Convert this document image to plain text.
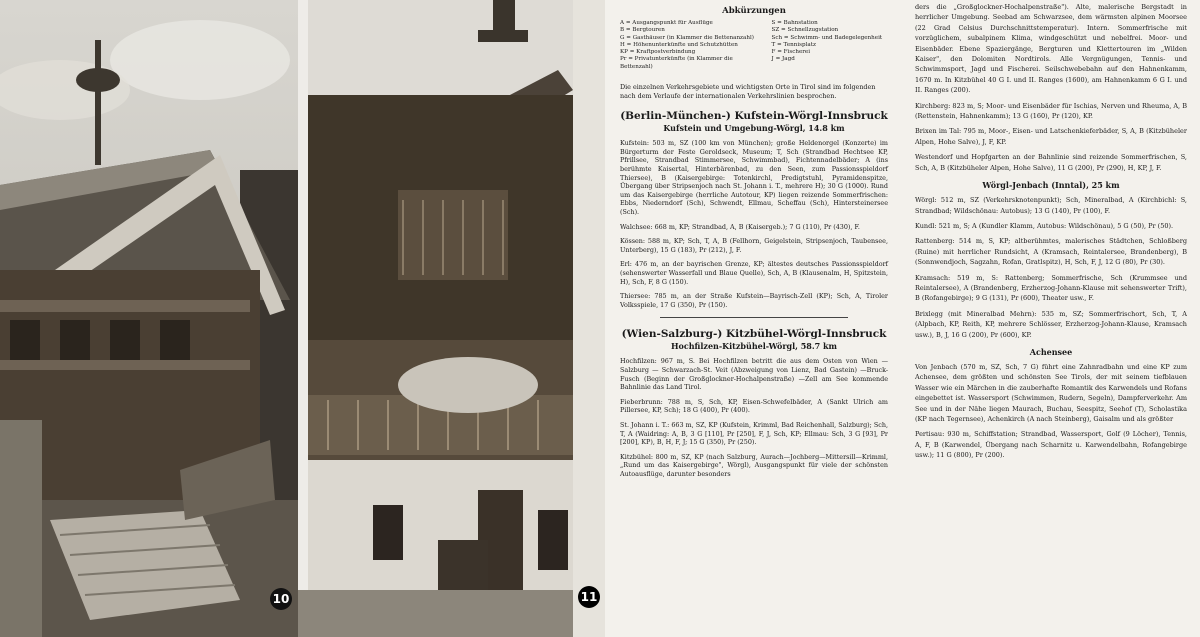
10	11
Abkürzungen
A = Ausgangspunkt für Ausflüge	S = Bahnstation
B = Bergtouren	SZ = Schnellzugstation
G = Gasthäuser (in Klammer die Bettenanzahl)	Sch = Schwimm- und Badegelegenheit
H = Höhenunterkünfte und Schutzhütten	T = Tennisplatz
KP = Kraftpostverbindung	F = Fischerei
Pr = Privatunterkünfte (in Klammer die Bettenzahl)
J = Jagd
Die einzelnen Verkehrsgebiete und wichtigsten Orte in Tirol sind im folgenden nach dem Verlaufe der internationalen Verkehrslinien besprochen.
(Berlin-München-) Kufstein-Wörgl-Innsbruck
Kufstein und Umgebung-Wörgl, 14.8 km
Kufstein: 503 m, SZ (100 km von München); große Heldenorgel (Konzerte) im Bürgerturm der Feste Geroldseck, Museum; T, Sch (Strandbad Hechtsee KP, Pfrillsee, Strandbad Stimmersee, Schwimmbad), Fichtennadelbäder; A (ins berühmte Kaisertal, Hinterbärenbad, zu den Seen, zum Passionsspieldorf Thiersee), B (Kaisergebirge: Totenkirchl, Predigtstuhl, Pyramidenspitze, Übergang über Stripsenjoch nach St. Johann i. T., mehrere H); 30 G (1000). Rund um das Kaisergebirge (herrliche Autotour, KP) liegen reizende Sommerfrischen: Ebbs, Niederndorf (Sch), Schwendt, Ellmau, Scheffau (Sch), Hintersteinersee (Sch).
Walchsee: 668 m, KP; Strandbad, A, B (Kaisergeb.); 7 G (110), Pr (430), F.
Kössen: 588 m, KP; Sch, T, A, B (Fellhorn, Geigelstein, Stripsenjoch, Taubensee, Unterberg), 15 G (183), Pr (212), J, F.
Erl: 476 m, an der bayrischen Grenze, KP; ältestes deutsches Passionsspieldorf (sehenswerter Wasserfall und Blaue Quelle), Sch, A, B (Klausenalm, H, Spitzstein, H), Sch, F, 8 G (150).
Thiersee: 785 m, an der Straße Kufstein—Bayrisch-Zell (KP); Sch, A, Tiroler Volksspiele, 17 G (350), Pr (150).
(Wien-Salzburg-) Kitzbühel-Wörgl-Innsbruck
Hochfilzen-Kitzbühel-Wörgl, 58.7 km
Hochfilzen: 967 m, S. Bei Hochfilzen betritt die aus dem Osten von Wien — Salzburg — Schwarzach-St. Veit (Abzweigung von Lienz, Bad Gastein) —Bruck-Fusch (Beginn der Großglockner-Hochalpenstraße) —Zell am See kommende Bahnlinie das Land Tirol.
Fieberbrunn: 788 m, S, Sch, KP, Eisen-Schwefelbäder, A (Sankt Ulrich am Pillersee, KP, Sch); 18 G (400), Pr (400).
St. Johann i. T.: 663 m, SZ, KP (Kufstein, Krimml, Bad Reichenhall, Salzburg); Sch, T, A (Waidring: A, B, 3 G [110], Pr [250], F, J, Sch, KP; Ellmau: Sch, 3 G [93], Pr [200], KP), B, H, F, J; 15 G (350), Pr (250).
Kitzbühel: 800 m, SZ, KP (nach Salzburg, Aurach—Jochberg—Mittersill—Krimml, „Rund um das Kaisergebirge", Wörgl), Ausgangspunkt für viele der schönsten Autoausflüge, darunter besonders
ders die „Großglockner-Hochalpenstraße"). Alte, malerische Bergstadt in herrlicher Umgebung. Seebad am Schwarzsee, dem wärmsten alpinen Moorsee (22 Grad Celsius Durchschnittstemperatur). Intern. Sommerfrische mit vorzüglichem, subalpinem Klima, windgeschützt und nebelfrei. Moor- und Eisenbäder. Ebene Spaziergänge, Bergturen und Klettertouren im „Wilden Kaiser", den Dolomiten Nordtirols. Alle Vergnügungen, Tennis- und Schwimmsport, Jagd und Fischerei. Seilschwebebahn auf den Hahnenkamm, 1670 m. In Kitzbühel 40 G I. und II. Ranges (1600), am Hahnenkamm 6 G I. und II. Ranges (200).
Kirchberg: 823 m, S; Moor- und Eisenbäder für Ischias, Nerven und Rheuma, A, B (Rettenstein, Hahnenkamm); 13 G (160), Pr (120), KP.
Brixen im Tal: 795 m, Moor-, Eisen- und Latschenkieferbäder, S, A, B (Kitzbüheler Alpen, Hohe Salve), J, F, KP.
Westendorf und Hopfgarten an der Bahnlinie sind reizende Sommerfrischen, S, Sch, A, B (Kitzbüheler Alpen, Hohe Salve), 11 G (200), Pr (290), H, KP, J, F.
Wörgl-Jenbach (Inntal), 25 km
Wörgl: 512 m, SZ (Verkehrsknotenpunkt); Sch, Mineralbad, A (Kirchbichl: S, Strandbad; Wildschönau: Autobus); 13 G (140), Pr (100), F.
Kundl: 521 m, S; A (Kundler Klamm, Autobus: Wildschönau), 5 G (50), Pr (50).
Rattenberg: 514 m, S, KP; altberühmtes, malerisches Städtchen, Schloßberg (Ruine) mit herrlicher Rundsicht, A (Kramsach, Reintalersee, Brandenberg), B (Sonnwendjoch, Sagzahn, Rofan, Gratlspitz), H, Sch, F, J, 12 G (80), Pr (30).
Kramsach: 519 m, S: Rattenberg; Sommerfrische, Sch (Krummsee und Reintalersee), A (Brandenberg, Erzherzog-Johann-Klause mit sehenswerter Trift), B (Rofangebirge); 9 G (131), Pr (600), Theater usw., F.
Brixlegg (mit Mineralbad Mehrn): 535 m, SZ; Sommerfrischort, Sch, T, A (Alpbach, KP, Reith, KP, mehrere Schlösser, Erzherzog-Johann-Klause, Kramsach usw.), B, J, 16 G (200), Pr (600), KP.
Achensee
Von Jenbach (570 m, SZ, Sch, 7 G) führt eine Zahnradbahn und eine KP zum Achensee, dem größten und schönsten See Tirols, der mit seinem tiefblauen Wasser wie ein Märchen in die zauberhafte Romantik des Karwendels und Rofans eingebettet ist. Wassersport (Schwimmen, Rudern, Segeln), Dampferverkehr. Am See und in der Nähe liegen Maurach, Buchau, Seespitz, Seehof (T), Scholastika (KP nach Tegernsee), Achenkirch (A nach Steinberg), Gaisalm und als größter
Pertisau: 930 m, Schiffstation; Strandbad, Wassersport, Golf (9 Löcher), Tennis, A, F, B (Karwendel, Übergang nach Scharnitz u. Karwendelbahn, Rofangebirge usw.); 11 G (800), Pr (200).
